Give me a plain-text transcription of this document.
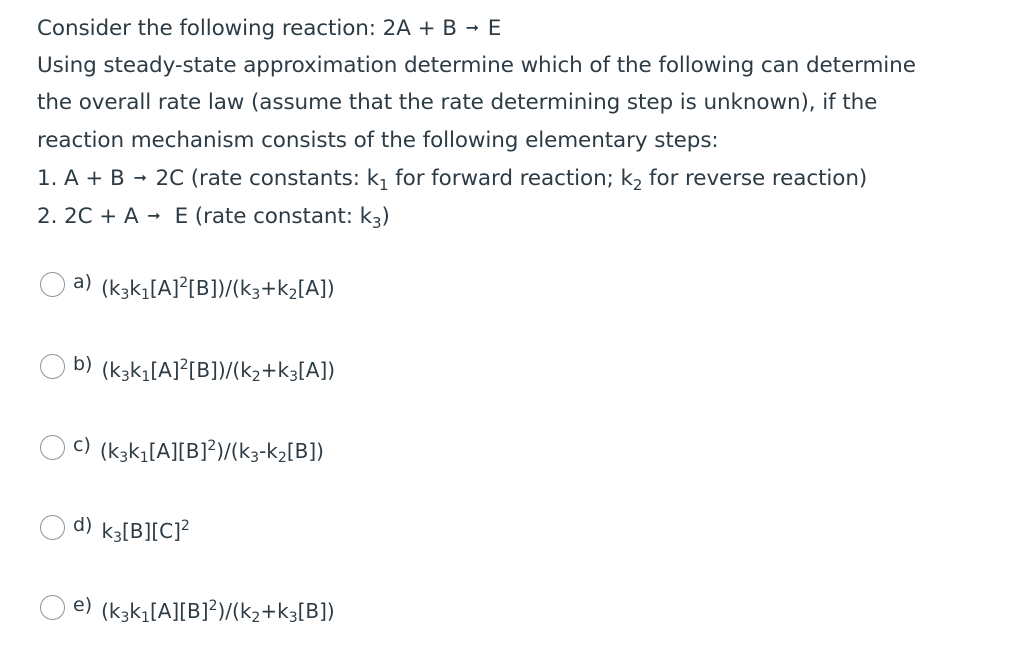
Consider the following reaction: 2A + B ➞ E
Using steady-state approximation determine which of the following can determine
the overall rate law (assume that the rate determining step is unknown), if the
reaction mechanism consists of the following elementary steps:
1. A + B ➞ 2C (rate constants: $k_1$ for forward reaction; $k_2$ for reverse reaction)
2. 2C + A ➞ E (rate constant: $k_3$)
a) $(k_3k_1[A]^2[B])/(k_3+k_2[A])$
b) $(k_3k_1[A]^2[B])/(k_2+k_3[A])$
c) $(k_3k_1[A][B]^2)/(k_3-k_2[B])$
d) $k_3[B][C]^2$
e) $(k_3k_1[A][B]^2)/(k_2+k_3[B])$
